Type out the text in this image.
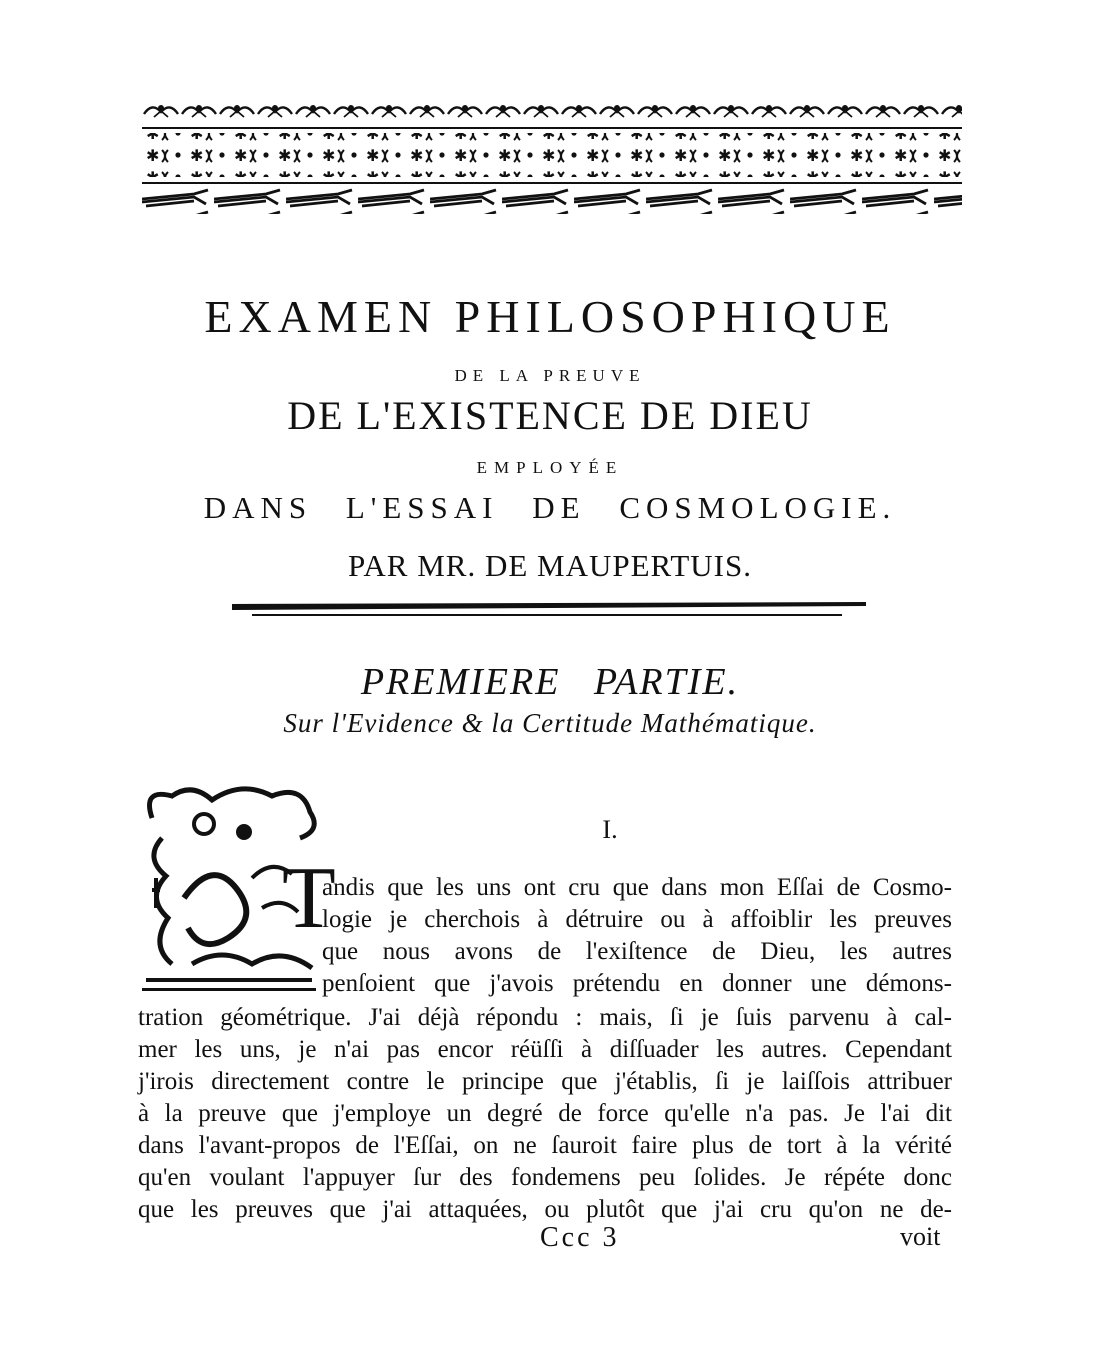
EXAMEN PHILOSOPHIQUE
DE LA PREUVE
DE L'EXISTENCE DE DIEU
EMPLOYÉE
DANS L'ESSAI DE COSMOLOGIE.
PAR MR. DE MAUPERTUIS.
PREMIERE PARTIE.
Sur l'Evidence & la Certitude Mathématique.
I.
T
andis que les uns ont cru que dans mon Eſſai de Cosmo-
logie je cherchois à détruire ou à affoiblir les preuves
que nous avons de l'exiſtence de Dieu, les autres
penſoient que j'avois prétendu en donner une démons-
tration géométrique. J'ai déjà répondu : mais, ſi je ſuis parvenu à cal-
mer les uns, je n'ai pas encor réüſſi à diſſuader les autres. Cependant
j'irois directement contre le principe que j'établis, ſi je laiſſois attribuer
à la preuve que j'employe un degré de force qu'elle n'a pas. Je l'ai dit
dans l'avant-propos de l'Eſſai, on ne ſauroit faire plus de tort à la vérité
qu'en voulant l'appuyer ſur des fondemens peu ſolides. Je répéte donc
que les preuves que j'ai attaquées, ou plutôt que j'ai cru qu'on ne de-
Ccc 3	voit
